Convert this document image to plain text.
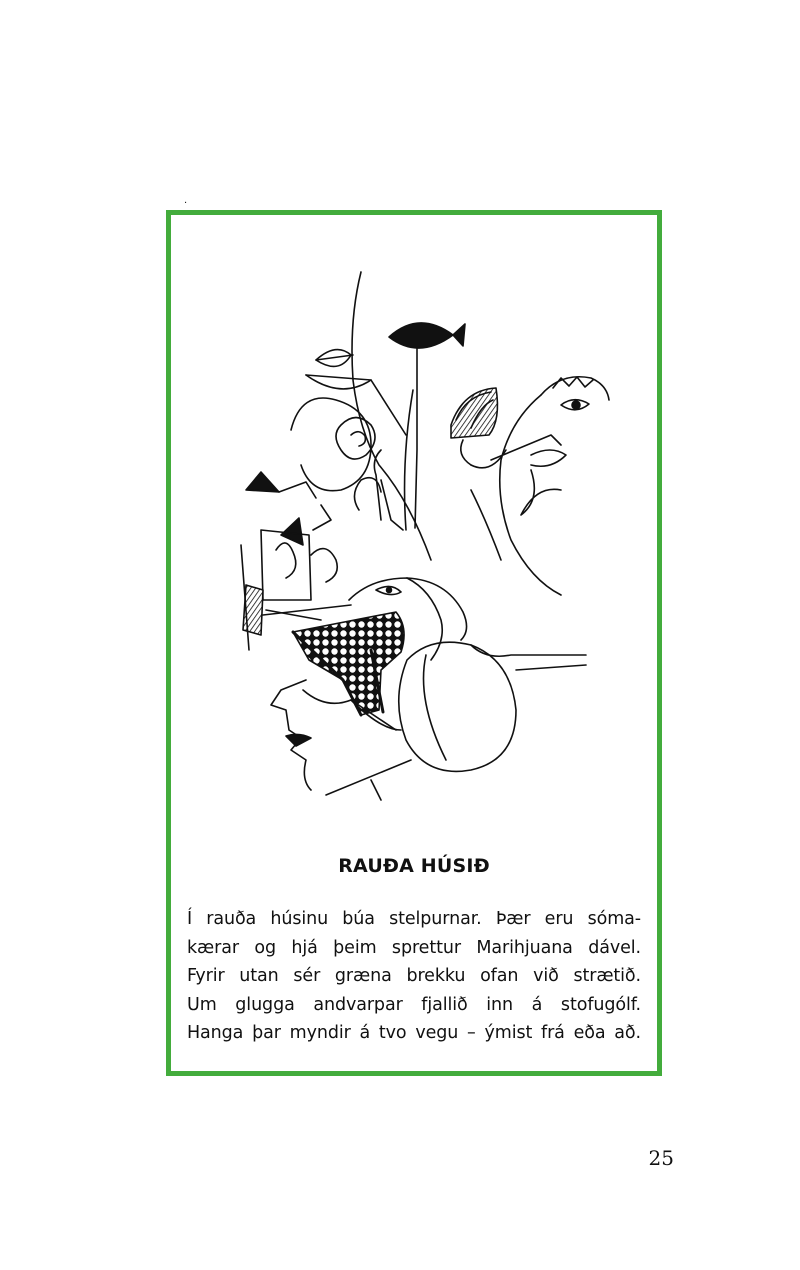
.
RAUÐA HÚSIÐ
Í rauða húsinu búa stelpurnar. Þær eru sóma-
kærar og hjá þeim sprettur Marihjuana dável.
Fyrir utan sér græna brekku ofan við strætið.
Um glugga andvarpar fjallið inn á stofugólf.
Hanga þar myndir á tvo vegu – ýmist frá eða að.
25
